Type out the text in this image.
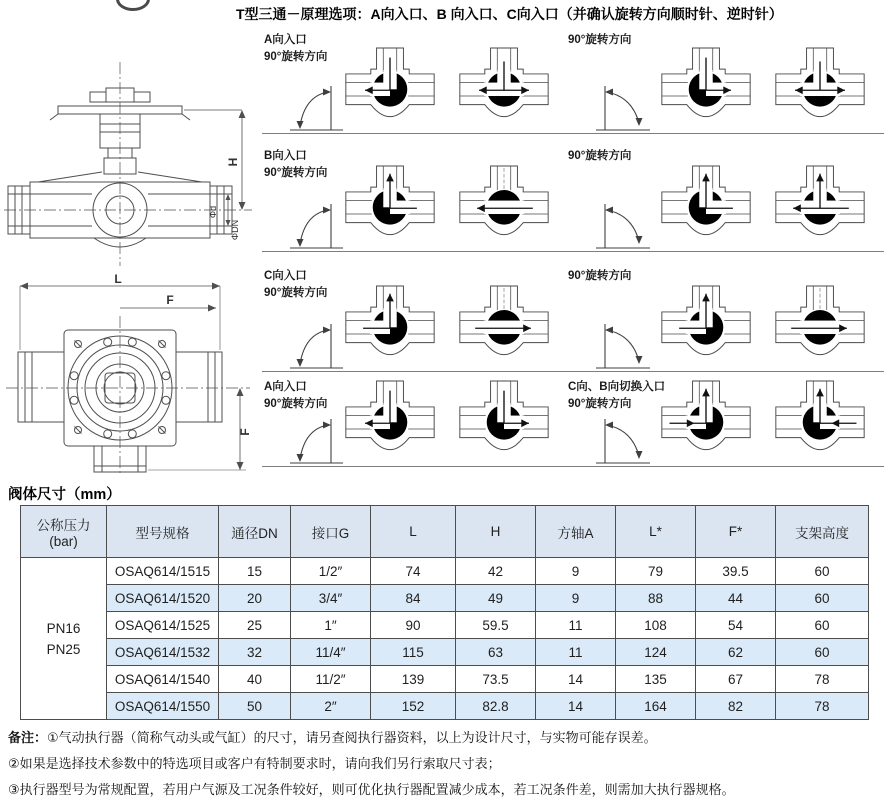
T型三通－原理选项：A向入口、B 向入口、C向入口（并确认旋转方向顺时针、逆时针）
H
Φd
ΦDN
L
F
F
A向入口
90°旋转方向
90°旋转方向
B向入口
90°旋转方向
90°旋转方向
C向入口
90°旋转方向
90°旋转方向
A向入口
90°旋转方向
C向、B向切换入口
90°旋转方向
阀体尺寸（mm）
公称压力
(bar)	型号规格	通径DN	接口G	L	H	方轴A	L*	F*	支架高度

PN16
PN25	OSAQ614/1515	15	1/2″	74	42	9	79	39.5	60
	OSAQ614/1520	20	3/4″	84	49	9	88	44	60
	OSAQ614/1525	25	1″	90	59.5	11	108	54	60
	OSAQ614/1532	32	11/4″	115	63	11	124	62	60
	OSAQ614/1540	40	11/2″	139	73.5	14	135	67	78
	OSAQ614/1550	50	2″	152	82.8	14	164	82	78
备注：①气动执行器（简称气动头或气缸）的尺寸，请另查阅执行器资料，以上为设计尺寸，与实物可能存误差。
②如果是选择技术参数中的特选项目或客户有特制要求时，请向我们另行索取尺寸表；
③执行器型号为常规配置，若用户气源及工况条件较好，则可优化执行器配置减少成本，若工况条件差，则需加大执行器规格。
